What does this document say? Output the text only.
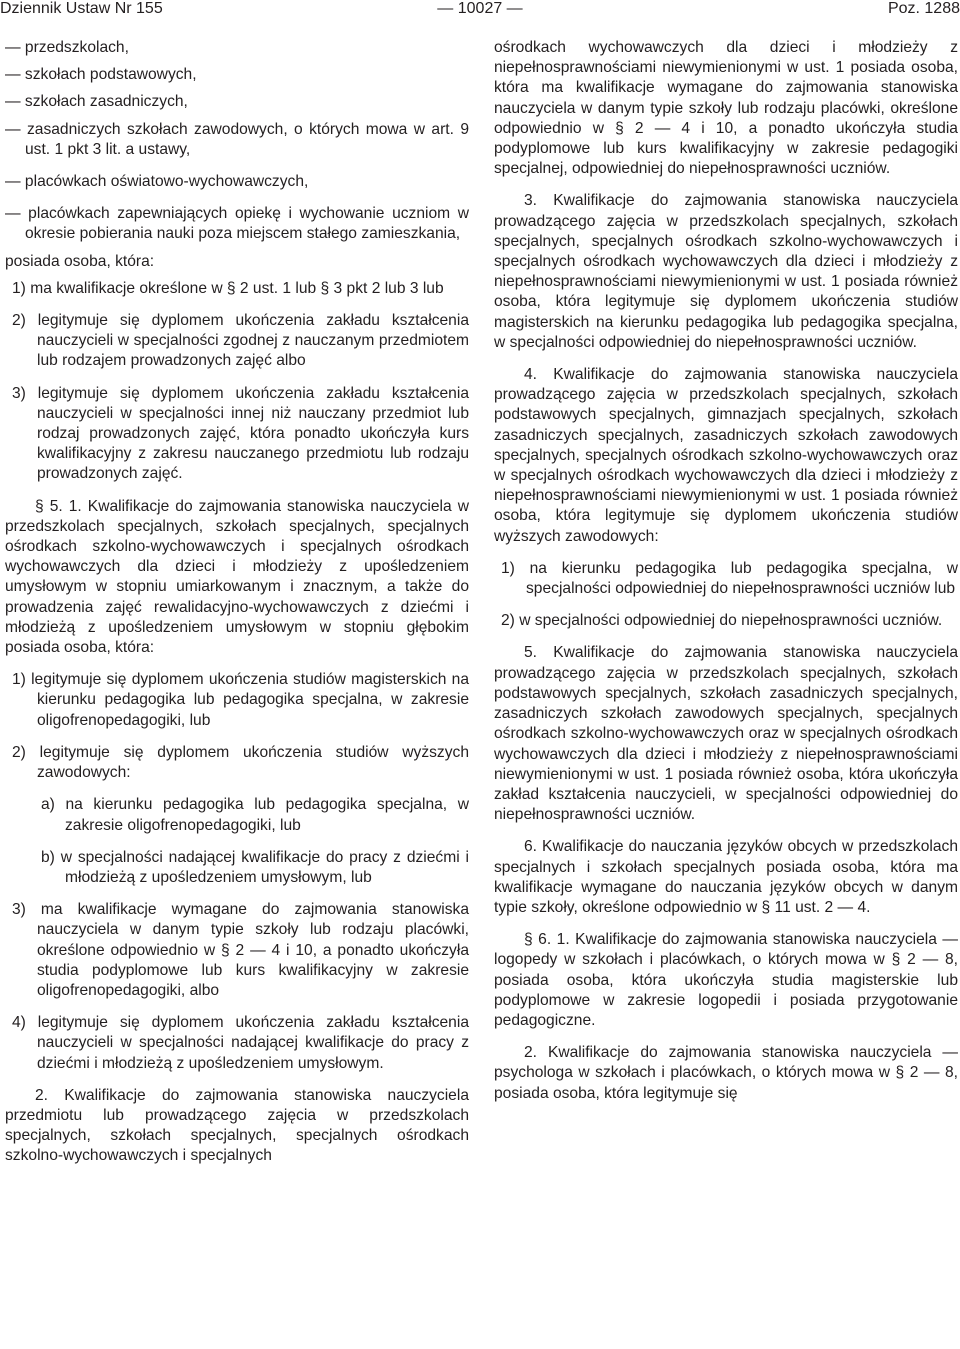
Dziennik Ustaw Nr 155	— 10027 —	Poz. 1288

— przedszkolach,

— szkołach podstawowych,

— szkołach zasadniczych,

— zasadniczych szkołach zawodowych, o których mowa w art. 9 ust. 1 pkt 3 lit. a ustawy,

— placówkach oświatowo-wychowawczych,

— placówkach zapewniających opiekę i wychowanie uczniom w okresie pobierania nauki poza miejscem stałego zamieszkania,

posiada osoba, która:

1) ma kwalifikacje określone w § 2 ust. 1 lub § 3 pkt 2 lub 3 lub

2) legitymuje się dyplomem ukończenia zakładu kształcenia nauczycieli w specjalności zgodnej z nauczanym przedmiotem lub rodzajem prowadzonych zajęć albo

3) legitymuje się dyplomem ukończenia zakładu kształcenia nauczycieli w specjalności innej niż nauczany przedmiot lub rodzaj prowadzonych zajęć, która ponadto ukończyła kurs kwalifikacyjny z zakresu nauczanego przedmiotu lub rodzaju prowadzonych zajęć.

§ 5. 1. Kwalifikacje do zajmowania stanowiska nauczyciela w przedszkolach specjalnych, szkołach specjalnych, specjalnych ośrodkach szkolno-wychowawczych i specjalnych ośrodkach wychowawczych dla dzieci i młodzieży z upośledzeniem umysłowym w stopniu umiarkowanym i znacznym, a także do prowadzenia zajęć rewalidacyjno-wychowawczych z dziećmi i młodzieżą z upośledzeniem umysłowym w stopniu głębokim posiada osoba, która:

1) legitymuje się dyplomem ukończenia studiów magisterskich na kierunku pedagogika lub pedagogika specjalna, w zakresie oligofrenopedagogiki, lub

2) legitymuje się dyplomem ukończenia studiów wyższych zawodowych:

a) na kierunku pedagogika lub pedagogika specjalna, w zakresie oligofrenopedagogiki, lub

b) w specjalności nadającej kwalifikacje do pracy z dziećmi i młodzieżą z upośledzeniem umysłowym, lub

3) ma kwalifikacje wymagane do zajmowania stanowiska nauczyciela w danym typie szkoły lub rodzaju placówki, określone odpowiednio w § 2 — 4 i 10, a ponadto ukończyła studia podyplomowe lub kurs kwalifikacyjny w zakresie oligofrenopedagogiki, albo

4) legitymuje się dyplomem ukończenia zakładu kształcenia nauczycieli w specjalności nadającej kwalifikacje do pracy z dziećmi i młodzieżą z upośledzeniem umysłowym.

2. Kwalifikacje do zajmowania stanowiska nauczyciela przedmiotu lub prowadzącego zajęcia w przedszkolach specjalnych, szkołach specjalnych, specjalnych ośrodkach szkolno-wychowawczych i specjalnych

ośrodkach wychowawczych dla dzieci i młodzieży z niepełnosprawnościami niewymienionymi w ust. 1 posiada osoba, która ma kwalifikacje wymagane do zajmowania stanowiska nauczyciela w danym typie szkoły lub rodzaju placówki, określone odpowiednio w § 2 — 4 i 10, a ponadto ukończyła studia podyplomowe lub kurs kwalifikacyjny w zakresie pedagogiki specjalnej, odpowiedniej do niepełnosprawności uczniów.

3. Kwalifikacje do zajmowania stanowiska nauczyciela prowadzącego zajęcia w przedszkolach specjalnych, szkołach specjalnych, specjalnych ośrodkach szkolno-wychowawczych i specjalnych ośrodkach wychowawczych dla dzieci i młodzieży z niepełnosprawnościami niewymienionymi w ust. 1 posiada również osoba, która legitymuje się dyplomem ukończenia studiów magisterskich na kierunku pedagogika lub pedagogika specjalna, w specjalności odpowiedniej do niepełnosprawności uczniów.

4. Kwalifikacje do zajmowania stanowiska nauczyciela prowadzącego zajęcia w przedszkolach specjalnych, szkołach podstawowych specjalnych, gimnazjach specjalnych, szkołach zasadniczych specjalnych, zasadniczych szkołach zawodowych specjalnych, specjalnych ośrodkach szkolno-wychowawczych oraz w specjalnych ośrodkach wychowawczych dla dzieci i młodzieży z niepełnosprawnościami niewymienionymi w ust. 1 posiada również osoba, która legitymuje się dyplomem ukończenia studiów wyższych zawodowych:

1) na kierunku pedagogika lub pedagogika specjalna, w specjalności odpowiedniej do niepełnosprawności uczniów lub

2) w specjalności odpowiedniej do niepełnosprawności uczniów.

5. Kwalifikacje do zajmowania stanowiska nauczyciela prowadzącego zajęcia w przedszkolach specjalnych, szkołach podstawowych specjalnych, szkołach zasadniczych specjalnych, zasadniczych szkołach zawodowych specjalnych, specjalnych ośrodkach szkolno-wychowawczych oraz w specjalnych ośrodkach wychowawczych dla dzieci i młodzieży z niepełnosprawnościami niewymienionymi w ust. 1 posiada również osoba, która ukończyła zakład kształcenia nauczycieli, w specjalności odpowiedniej do niepełnosprawności uczniów.

6. Kwalifikacje do nauczania języków obcych w przedszkolach specjalnych i szkołach specjalnych posiada osoba, która ma kwalifikacje wymagane do nauczania języków obcych w danym typie szkoły, określone odpowiednio w § 11 ust. 2 — 4.

§ 6. 1. Kwalifikacje do zajmowania stanowiska nauczyciela — logopedy w szkołach i placówkach, o których mowa w § 2 — 8, posiada osoba, która ukończyła studia magisterskie lub podyplomowe w zakresie logopedii i posiada przygotowanie pedagogiczne.

2. Kwalifikacje do zajmowania stanowiska nauczyciela — psychologa w szkołach i placówkach, o których mowa w § 2 — 8, posiada osoba, która legitymuje się
